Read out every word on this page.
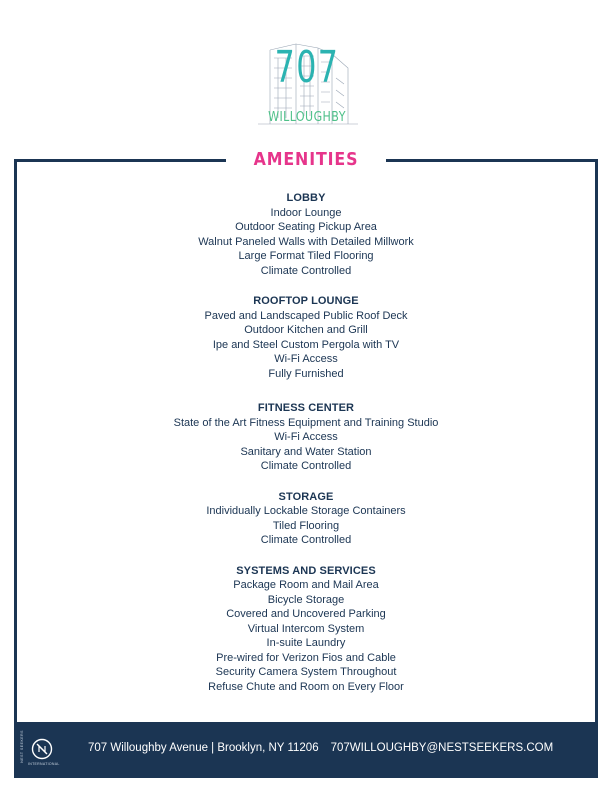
707
WILLOUGHBY
AMENITIES
LOBBY
Indoor Lounge
Outdoor Seating Pickup Area
Walnut Paneled Walls with Detailed Millwork
Large Format Tiled Flooring
Climate Controlled
ROOFTOP LOUNGE
Paved and Landscaped Public Roof Deck
Outdoor Kitchen and Grill
Ipe and Steel Custom Pergola with TV
Wi-Fi Access
Fully Furnished
FITNESS CENTER
State of the Art Fitness Equipment and Training Studio
Wi-Fi Access
Sanitary and Water Station
Climate Controlled
STORAGE
Individually Lockable Storage Containers
Tiled Flooring
Climate Controlled
SYSTEMS AND SERVICES
Package Room and Mail Area
Bicycle Storage
Covered and Uncovered Parking
Virtual Intercom System
In-suite Laundry
Pre-wired for Verizon Fios and Cable
Security Camera System Throughout
Refuse Chute and Room on Every Floor
NEST SEEKERS
INTERNATIONAL
707 Willoughby Avenue | Brooklyn, NY 11206 707WILLOUGHBY@NESTSEEKERS.COM
